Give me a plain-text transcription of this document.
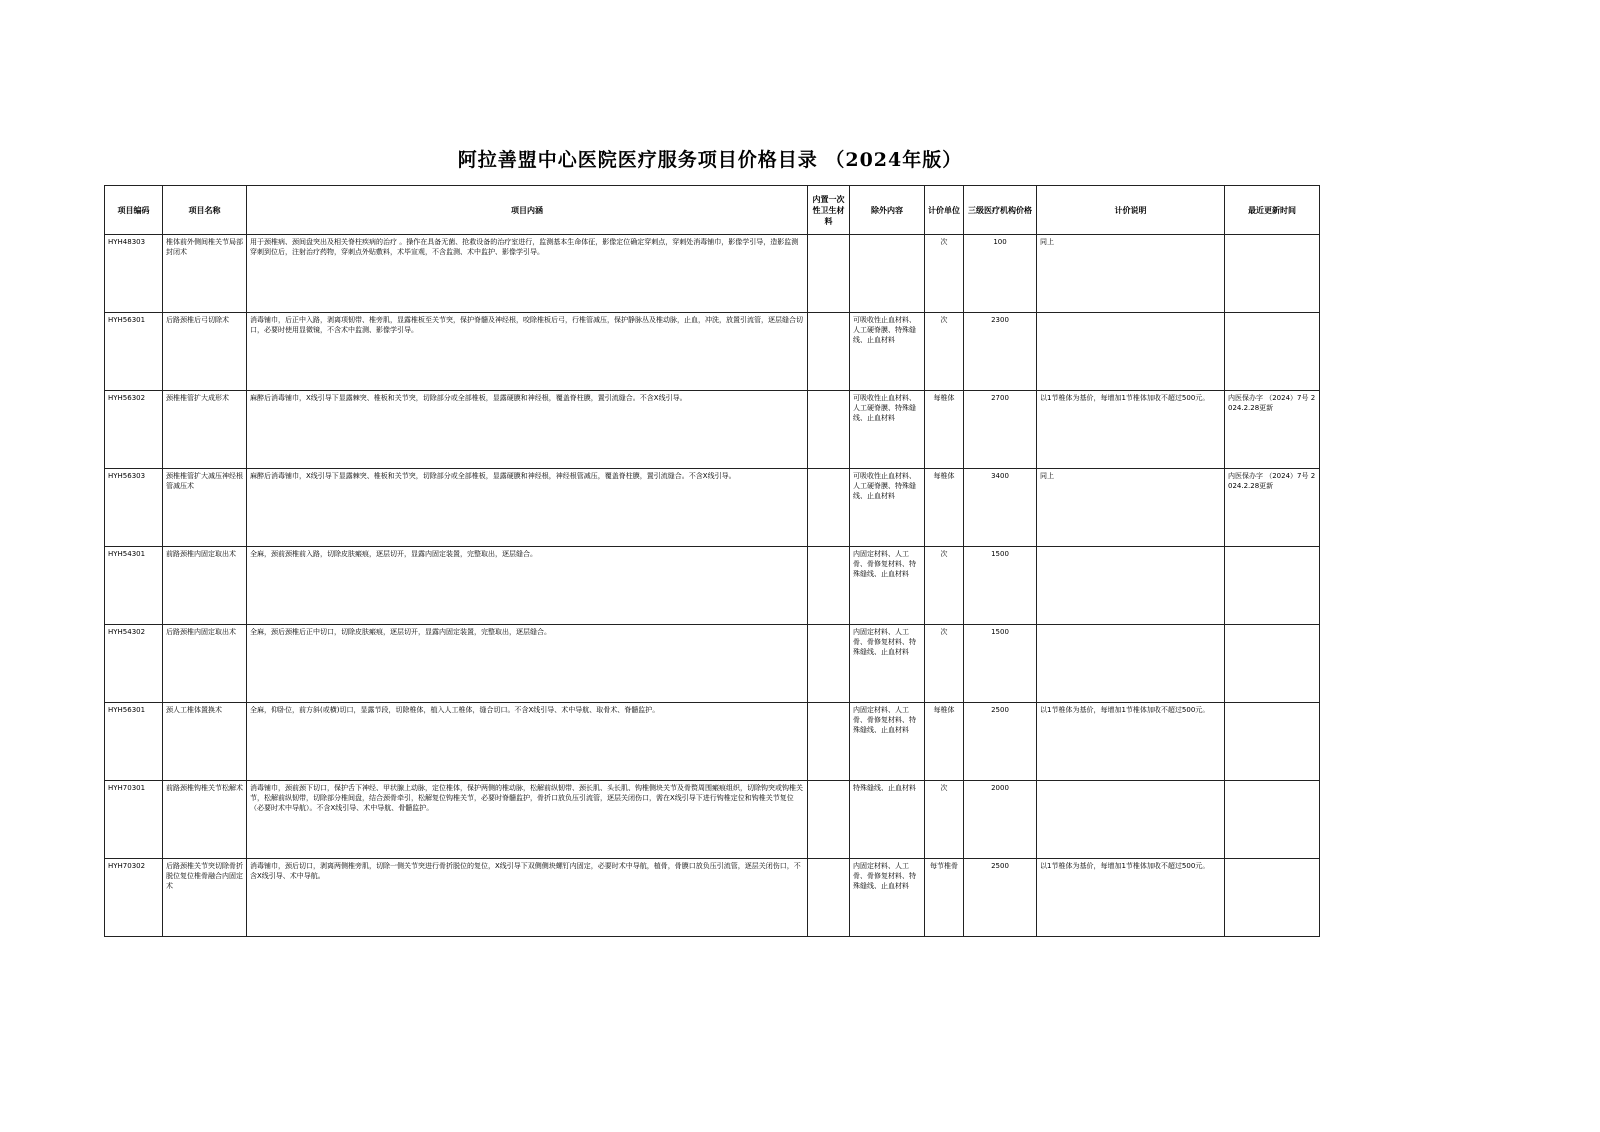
阿拉善盟中心医院医疗服务项目价格目录 （2024年版）
项目编码	项目名称	项目内涵	内置一次性卫生材料	除外内容	计价单位	三级医疗机构价格	计价说明	最近更新时间
HYH48303	椎体前外侧间椎关节局部封闭术	用于颈椎病、颈间盘突出及相关脊柱疾病的治疗 。操作在具备无菌、抢救设备的治疗室进行，监测基本生命体征，影像定位确定穿刺点，穿刺处消毒铺巾，影像学引导，造影监测穿刺到位后，注射治疗药物，穿刺点外贴敷料，术毕宣观，不含监测、术中监护、影像学引导。			次	100	同上	
HYH56301	后路颈椎后弓切除术	消毒铺巾，后正中入路，剥离项韧带、椎旁肌，显露椎板至关节突，保护脊髓及神经根，咬除椎板后弓，行椎管减压，保护静脉丛及椎动脉，止血，冲洗，放置引流管，逐层缝合切口，必要时使用显微镜，不含术中监测、影像学引导。		可吸收性止血材料、人工硬脊膜、特殊缝线、止血材料	次	2300		
HYH56302	颈椎椎管扩大成形术	麻醉后消毒铺巾，X线引导下显露棘突、椎板和关节突，切除部分或全部椎板，显露硬膜和神经根，覆盖脊柱膜，置引流缝合。不含X线引导。		可吸收性止血材料、人工硬脊膜、特殊缝线、止血材料	每椎体	2700	以1节椎体为基价，每增加1节椎体加收不超过500元。	内医保办字 （2024）7号 2024.2.28更新
HYH56303	颈椎椎管扩大减压神经根管减压术	麻醉后消毒铺巾，X线引导下显露棘突、椎板和关节突，切除部分或全部椎板，显露硬膜和神经根，神经根管减压，覆盖脊柱膜，置引流缝合。不含X线引导。		可吸收性止血材料、人工硬脊膜、特殊缝线、止血材料	每椎体	3400	同上	内医保办字 （2024）7号 2024.2.28更新
HYH54301	前路颈椎内固定取出术	全麻，颈前颈椎前入路，切除皮肤瘢痕，逐层切开，显露内固定装置，完整取出，逐层缝合。		内固定材料、人工骨、骨修复材料、特殊缝线、止血材料	次	1500		
HYH54302	后路颈椎内固定取出术	全麻，颈后颈椎后正中切口，切除皮肤瘢痕，逐层切开，显露内固定装置，完整取出，逐层缝合。		内固定材料、人工骨、骨修复材料、特殊缝线、止血材料	次	1500		
HYH56301	颈人工椎体置换术	全麻，仰卧位，前方斜(或横)切口，显露节段，切除椎体，植入人工椎体，缝合切口。不含X线引导、术中导航、取骨术、脊髓监护。		内固定材料、人工骨、骨修复材料、特殊缝线、止血材料	每椎体	2500	以1节椎体为基价，每增加1节椎体加收不超过500元。	
HYH70301	前路颈椎钩椎关节松解术	消毒铺巾，颈前颈下切口，保护舌下神经、甲状腺上动脉，定位椎体，保护两侧的椎动脉，松解前纵韧带、颈长肌、头长肌、钩椎侧块关节及骨赘周围瘢痕组织，切除钩突或钩椎关节，松解前纵韧带，切除部分椎间盘，结合颈骨牵引，松解复位钩椎关节，必要时脊髓监护，骨折口放负压引流管，逐层关闭伤口，需在X线引导下进行钩椎定位和钩椎关节复位（必要时术中导航）。不含X线引导、术中导航、骨髓监护。		特殊缝线、止血材料	次	2000		
HYH70302	后路颈椎关节突切除骨折脱位复位椎骨融合内固定术	消毒铺巾，颈后切口，剥离两侧椎旁肌，切除一侧关节突进行骨折脱位的复位，X线引导下双侧侧块螺钉内固定，必要时术中导航，植骨，骨膜口放负压引流管，逐层关闭伤口，不含X线引导、术中导航。		内固定材料、人工骨、骨修复材料、特殊缝线、止血材料	每节椎骨	2500	以1节椎体为基价，每增加1节椎体加收不超过500元。	
